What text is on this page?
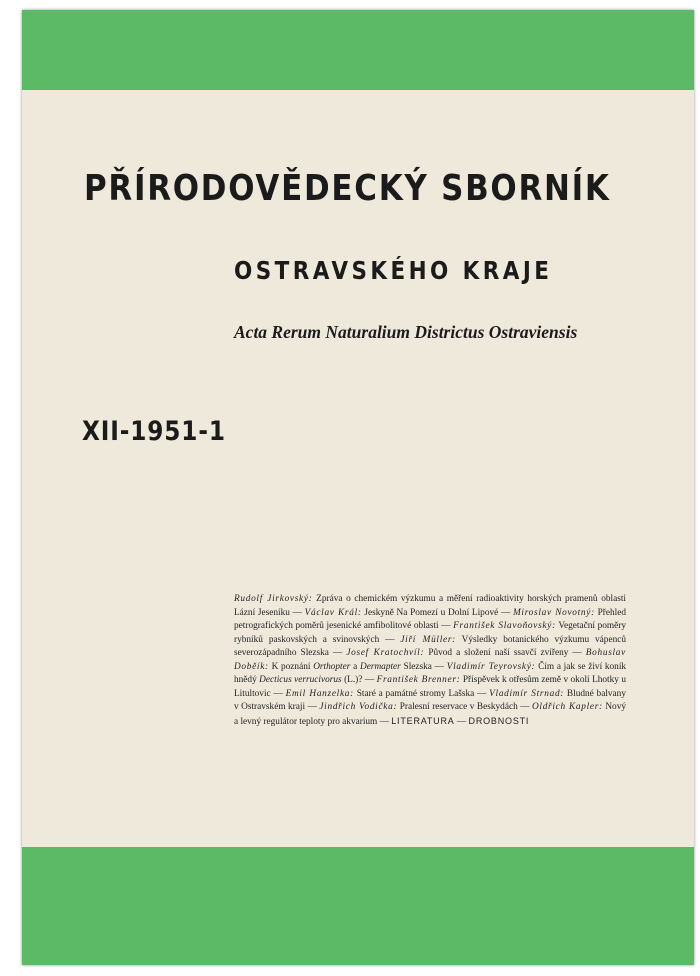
PŘÍRODOVĚDECKÝ SBORNÍK
OSTRAVSKÉHO KRAJE

Acta Rerum Naturalium Districtus Ostraviensis

XII-1951-1

Rudolf Jirkovský: Zpráva o chemickém výzkumu a měření radioaktivity horských pramenů oblasti Lázní Jeseníku — Václav Král: Jeskyně Na Pomezí u Dolní Lipové — Miroslav Novotný: Přehled petrografických poměrů jesenické amfibolitové oblasti — František Slavoňovský: Vegetační poměry rybníků paskovských a svinovských — Jiří Müller: Výsledky botanického výzkumu vápenců severozápadního Slezska — Josef Kratochvíl: Původ a složení naší ssavčí zvířeny — Bohuslav Doběík: K poznání Orthopter a Dermapter Slezska — Vladimír Teyrovský: Čím a jak se živí koník hnědý Decticus verrucivorus (L.)? — František Brenner: Příspěvek k otřesům země v okolí Lhotky u Litultovic — Emil Hanzelka: Staré a památné stromy Lašska — Vladimír Strnad: Bludné balvany v Ostravském kraji — Jindřich Vodička: Pralesní reservace v Beskydách — Oldřich Kapler: Nový a levný regulátor teploty pro akvarium — LITERATURA — DROBNOSTI
